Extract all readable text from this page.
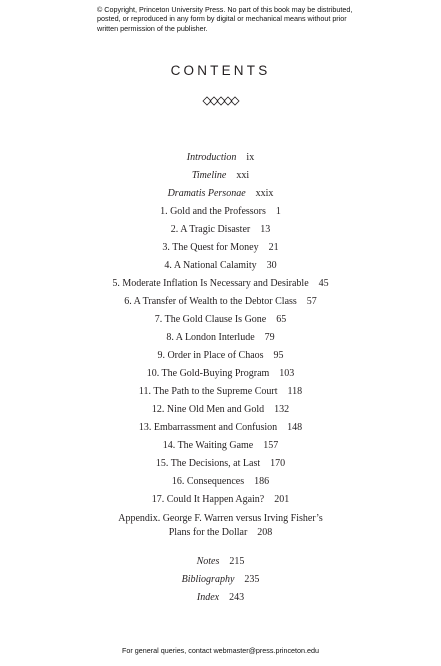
© Copyright, Princeton University Press. No part of this book may be distributed, posted, or reproduced in any form by digital or mechanical means without prior written permission of the publisher.
CONTENTS
Introduction ix
Timeline xxi
Dramatis Personae xxix
1. Gold and the Professors 1
2. A Tragic Disaster 13
3. The Quest for Money 21
4. A National Calamity 30
5. Moderate Inflation Is Necessary and Desirable 45
6. A Transfer of Wealth to the Debtor Class 57
7. The Gold Clause Is Gone 65
8. A London Interlude 79
9. Order in Place of Chaos 95
10. The Gold-Buying Program 103
11. The Path to the Supreme Court 118
12. Nine Old Men and Gold 132
13. Embarrassment and Confusion 148
14. The Waiting Game 157
15. The Decisions, at Last 170
16. Consequences 186
17. Could It Happen Again? 201
Appendix. George F. Warren versus Irving Fisher’s
Plans for the Dollar 208
Notes 215
Bibliography 235
Index 243
For general queries, contact webmaster@press.princeton.edu
